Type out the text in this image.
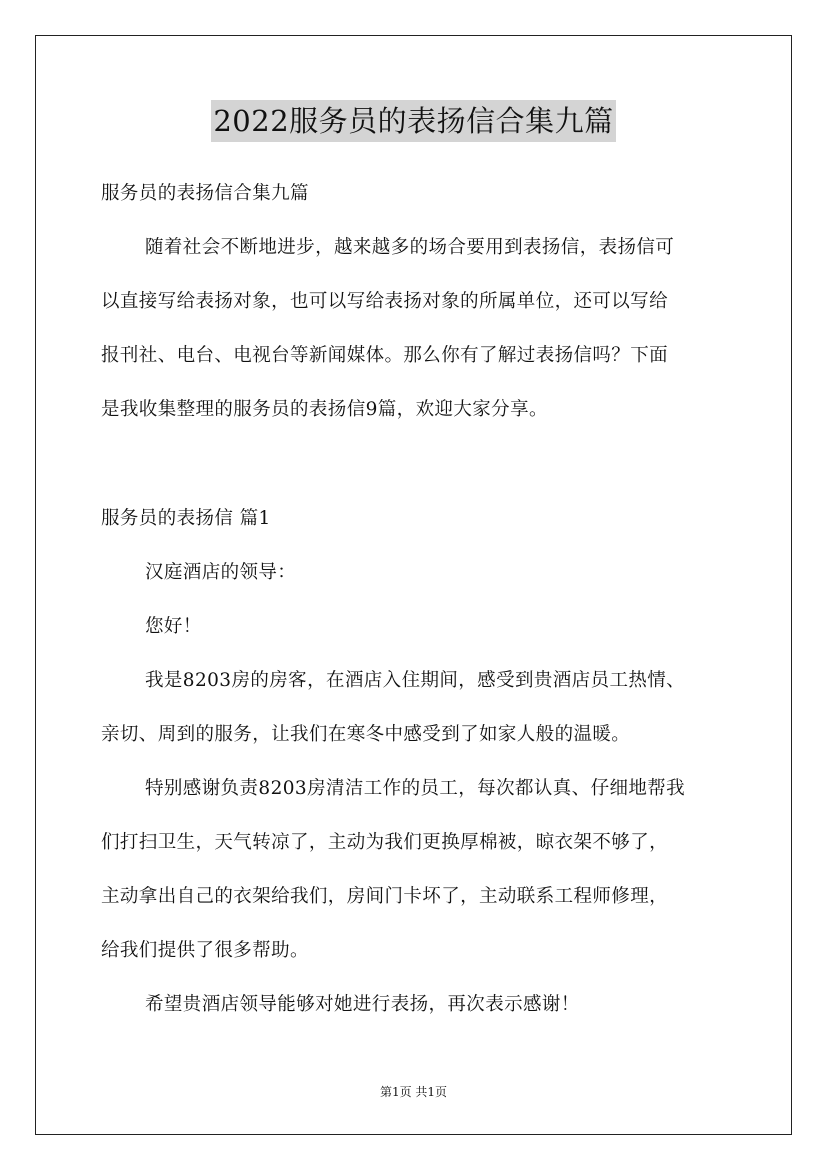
2022服务员的表扬信合集九篇
服务员的表扬信合集九篇
随着社会不断地进步，越来越多的场合要用到表扬信，表扬信可
以直接写给表扬对象，也可以写给表扬对象的所属单位，还可以写给
报刊社、电台、电视台等新闻媒体。那么你有了解过表扬信吗？下面
是我收集整理的服务员的表扬信9篇，欢迎大家分享。
服务员的表扬信 篇1
汉庭酒店的领导：
您好！
我是8203房的房客，在酒店入住期间，感受到贵酒店员工热情、
亲切、周到的服务，让我们在寒冬中感受到了如家人般的温暖。
特别感谢负责8203房清洁工作的员工，每次都认真、仔细地帮我
们打扫卫生，天气转凉了，主动为我们更换厚棉被，晾衣架不够了，
主动拿出自己的衣架给我们，房间门卡坏了，主动联系工程师修理，
给我们提供了很多帮助。
希望贵酒店领导能够对她进行表扬，再次表示感谢！
第1页 共1页
